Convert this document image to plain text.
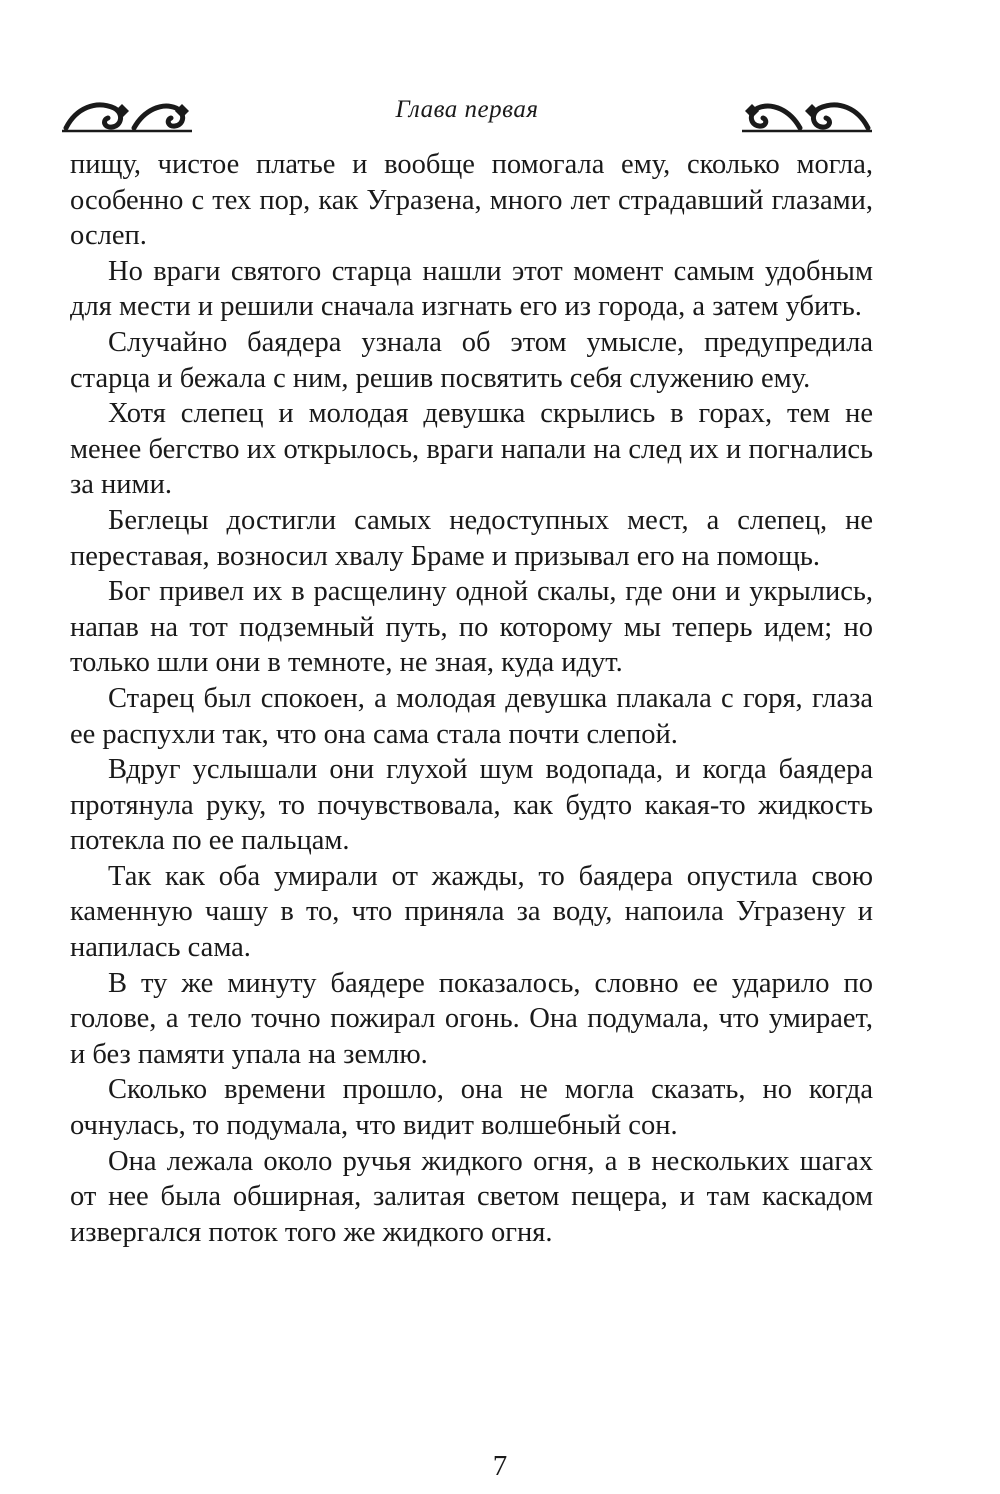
Глава первая

пищу, чистое платье и вообще помогала ему, сколько могла, особенно с тех пор, как Угразена, много лет страдавший глазами, ослеп.

Но враги святого старца нашли этот момент самым удобным для мести и решили сначала изгнать его из города, а затем убить.

Случайно баядера узнала об этом умысле, предупредила старца и бежала с ним, решив посвятить себя служению ему.

Хотя слепец и молодая девушка скрылись в горах, тем не менее бегство их открылось, враги напали на след их и погнались за ними.

Беглецы достигли самых недоступных мест, а слепец, не переставая, возносил хвалу Браме и призывал его на помощь.

Бог привел их в расщелину одной скалы, где они и укрылись, напав на тот подземный путь, по которому мы теперь идем; но только шли они в темноте, не зная, куда идут.

Старец был спокоен, а молодая девушка плакала с горя, глаза ее распухли так, что она сама стала почти слепой.

Вдруг услышали они глухой шум водопада, и когда баядера протянула руку, то почувствовала, как будто какая-то жидкость потекла по ее пальцам.

Так как оба умирали от жажды, то баядера опустила свою каменную чашу в то, что приняла за воду, напоила Угразену и напилась сама.

В ту же минуту баядере показалось, словно ее ударило по голове, а тело точно пожирал огонь. Она подумала, что умирает, и без памяти упала на землю.

Сколько времени прошло, она не могла сказать, но когда очнулась, то подумала, что видит волшебный сон.

Она лежала около ручья жидкого огня, а в нескольких шагах от нее была обширная, залитая светом пещера, и там каскадом извергался поток того же жидкого огня.

7
